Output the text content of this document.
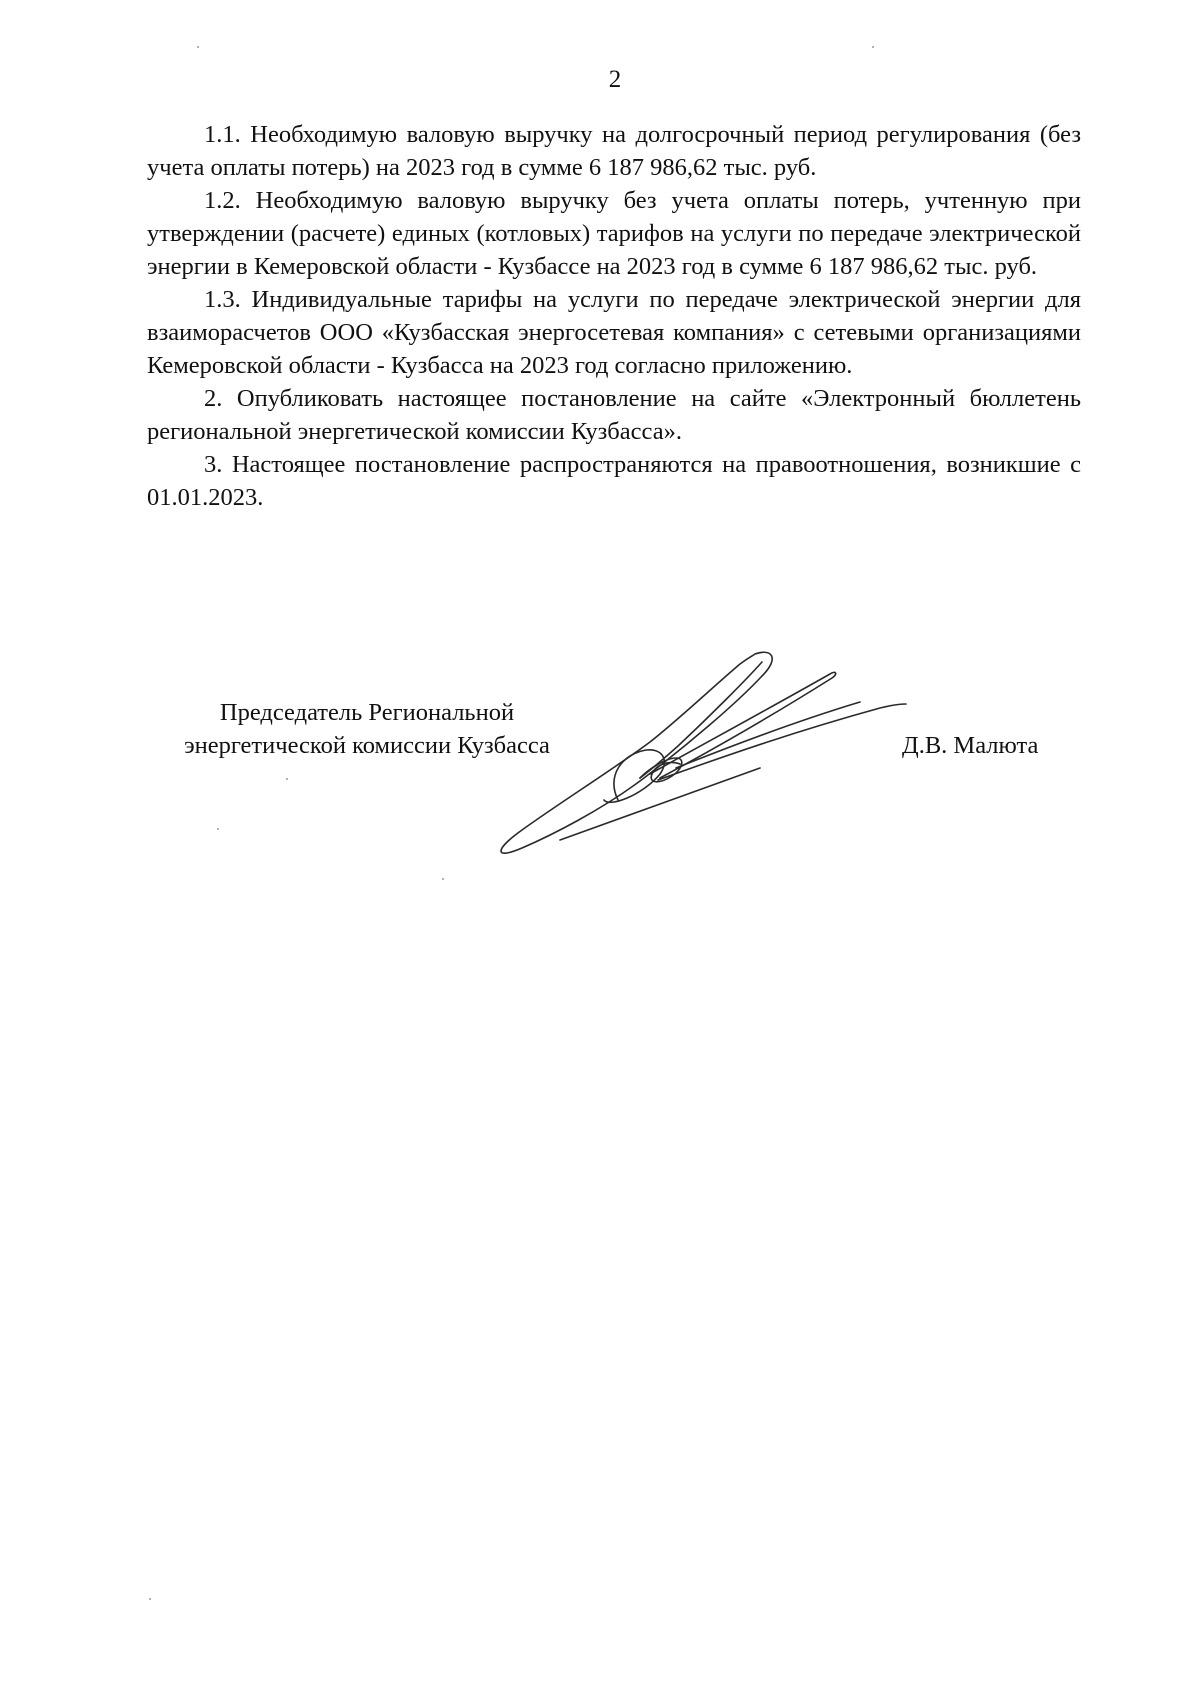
2

1.1. Необходимую валовую выручку на долгосрочный период регулирования (без учета оплаты потерь) на 2023 год в сумме 6 187 986,62 тыс. руб.

1.2. Необходимую валовую выручку без учета оплаты потерь, учтенную при утверждении (расчете) единых (котловых) тарифов на услуги по передаче электрической энергии в Кемеровской области - Кузбассе на 2023 год в сумме 6 187 986,62 тыс. руб.

1.3. Индивидуальные тарифы на услуги по передаче электрической энергии для взаиморасчетов ООО «Кузбасская энергосетевая компания» с сетевыми организациями Кемеровской области - Кузбасса на 2023 год согласно приложению.

2. Опубликовать настоящее постановление на сайте «Электронный бюллетень региональной энергетической комиссии Кузбасса».

3. Настоящее постановление распространяются на правоотношения, возникшие с 01.01.2023.

Председатель Региональной
энергетической комиссии Кузбасса	Д.В. Малюта
